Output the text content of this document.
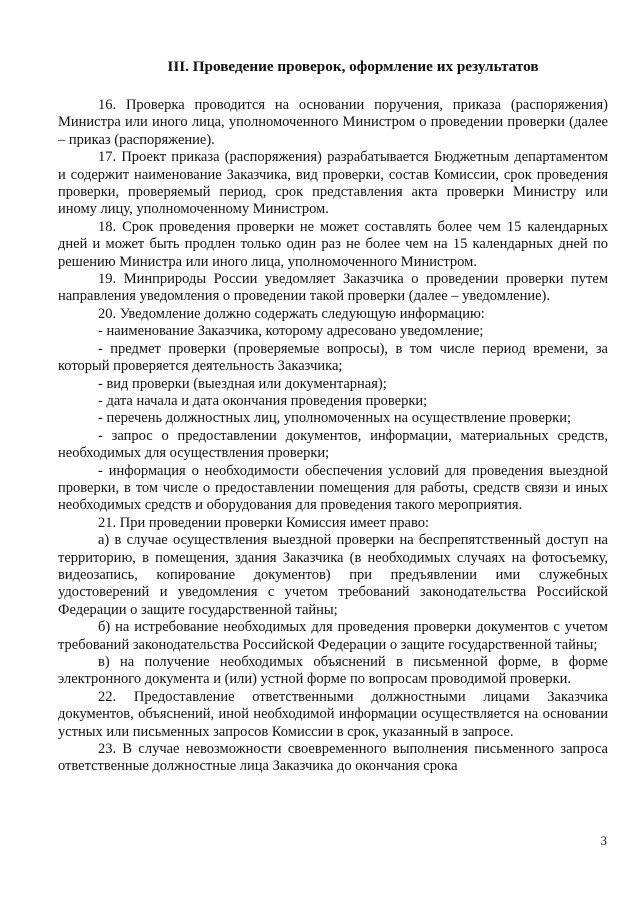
III. Проведение проверок, оформление их результатов

16. Проверка проводится на основании поручения, приказа (распоряжения) Министра или иного лица, уполномоченного Министром о проведении проверки (далее – приказ (распоряжение).

17. Проект приказа (распоряжения) разрабатывается Бюджетным департаментом и содержит наименование Заказчика, вид проверки, состав Комиссии, срок проведения проверки, проверяемый период, срок представления акта проверки Министру или иному лицу, уполномоченному Министром.

18. Срок проведения проверки не может составлять более чем 15 календарных дней и может быть продлен только один раз не более чем на 15 календарных дней по решению Министра или иного лица, уполномоченного Министром.

19. Минприроды России уведомляет Заказчика о проведении проверки путем направления уведомления о проведении такой проверки (далее – уведомление).

20. Уведомление должно содержать следующую информацию:

- наименование Заказчика, которому адресовано уведомление;

- предмет проверки (проверяемые вопросы), в том числе период времени, за который проверяется деятельность Заказчика;

- вид проверки (выездная или документарная);

- дата начала и дата окончания проведения проверки;

- перечень должностных лиц, уполномоченных на осуществление проверки;

- запрос о предоставлении документов, информации, материальных средств, необходимых для осуществления проверки;

- информация о необходимости обеспечения условий для проведения выездной проверки, в том числе о предоставлении помещения для работы, средств связи и иных необходимых средств и оборудования для проведения такого мероприятия.

21. При проведении проверки Комиссия имеет право:

а) в случае осуществления выездной проверки на беспрепятственный доступ на территорию, в помещения, здания Заказчика (в необходимых случаях на фотосъемку, видеозапись, копирование документов) при предъявлении ими служебных удостоверений и уведомления с учетом требований законодательства Российской Федерации о защите государственной тайны;

б) на истребование необходимых для проведения проверки документов с учетом требований законодательства Российской Федерации о защите государственной тайны;

в) на получение необходимых объяснений в письменной форме, в форме электронного документа и (или) устной форме по вопросам проводимой проверки.

22. Предоставление ответственными должностными лицами Заказчика документов, объяснений, иной необходимой информации осуществляется на основании устных или письменных запросов Комиссии в срок, указанный в запросе.

23. В случае невозможности своевременного выполнения письменного запроса ответственные должностные лица Заказчика до окончания срока

3
